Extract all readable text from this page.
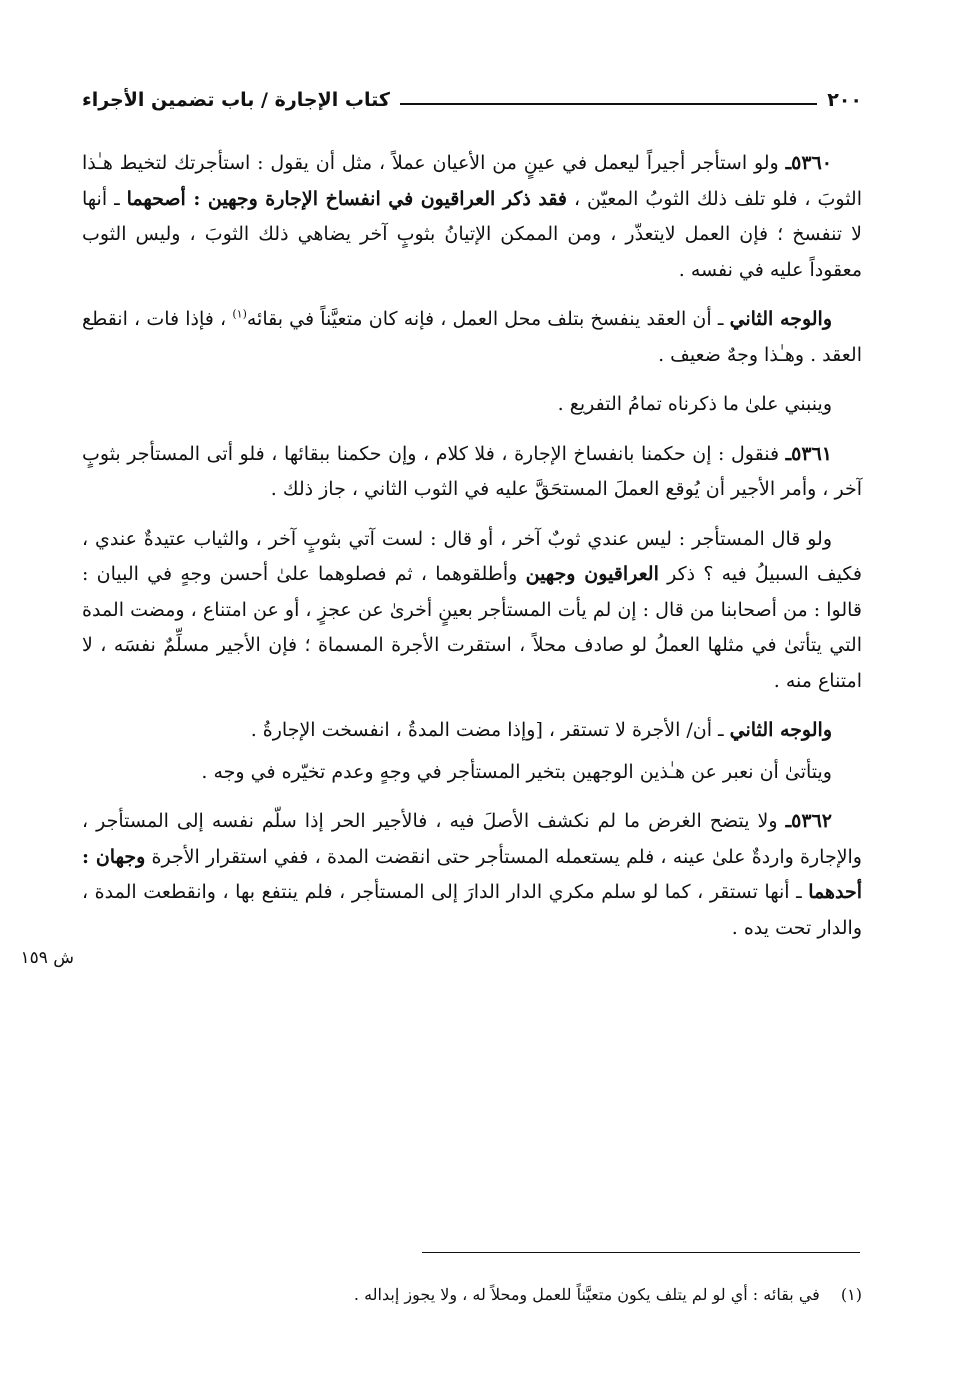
٢٠٠
كتاب الإجارة / باب تضمين الأجراء

٥٣٦٠ـ ولو استأجر أجيراً ليعمل في عينٍ من الأعيان عملاً ، مثل أن يقول : استأجرتك لتخيط هـٰذا الثوبَ ، فلو تلف ذلك الثوبُ المعيّن ، فقد ذكر العراقيون في انفساخ الإجارة وجهين : أصحهما ـ أنها لا تنفسخ ؛ فإن العمل لايتعذّر ، ومن الممكن الإتيانُ بثوبٍ آخر يضاهي ذلك الثوبَ ، وليس الثوب معقوداً عليه في نفسه .

والوجه الثاني ـ أن العقد ينفسخ بتلف محل العمل ، فإنه كان متعيَّناً في بقائه$^{(١)}$ ، فإذا فات ، انقطع العقد . وهـٰذا وجهٌ ضعيف .

وينبني علىٰ ما ذكرناه تمامُ التفريع .

٥٣٦١ـ فنقول : إن حكمنا بانفساخ الإجارة ، فلا كلام ، وإن حكمنا ببقائها ، فلو أتى المستأجر بثوبٍ آخر ، وأمر الأجير أن يُوقع العملَ المستحَقَّ عليه في الثوب الثاني ، جاز ذلك .

ولو قال المستأجر : ليس عندي ثوبٌ آخر ، أو قال : لست آتي بثوبٍ آخر ، والثياب عتيدةٌ عندي ، فكيف السبيلُ فيه ؟ ذكر العراقيون وجهين وأطلقوهما ، ثم فصلوهما علىٰ أحسن وجهٍ في البيان : قالوا : من أصحابنا من قال : إن لم يأت المستأجر بعينٍ أخرىٰ عن عجزٍ ، أو عن امتناع ، ومضت المدة التي يتأتىٰ في مثلها العملُ لو صادف محلاً ، استقرت الأجرة المسماة ؛ فإن الأجير مسلِّمٌ نفسَه ، لا امتناع منه .

والوجه الثاني ـ أن/ الأجرة لا تستقر ، [وإذا مضت المدةُ ، انفسخت الإجارةُ .

ويتأتىٰ أن نعبر عن هـٰذين الوجهين بتخير المستأجر في وجهٍ وعدم تخيّره في وجه .

٥٣٦٢ـ ولا يتضح الغرض ما لم نكشف الأصلَ فيه ، فالأجير الحر إذا سلّم نفسه إلى المستأجر ، والإجارة واردةٌ علىٰ عينه ، فلم يستعمله المستأجر حتى انقضت المدة ، ففي استقرار الأجرة وجهان : أحدهما ـ أنها تستقر ، كما لو سلم مكري الدار الدارَ إلى المستأجر ، فلم ينتفع بها ، وانقطعت المدة ، والدار تحت يده .

ش ١٥٩
(١) في بقائه : أي لو لم يتلف يكون متعيَّناً للعمل ومحلاً له ، ولا يجوز إبداله .
